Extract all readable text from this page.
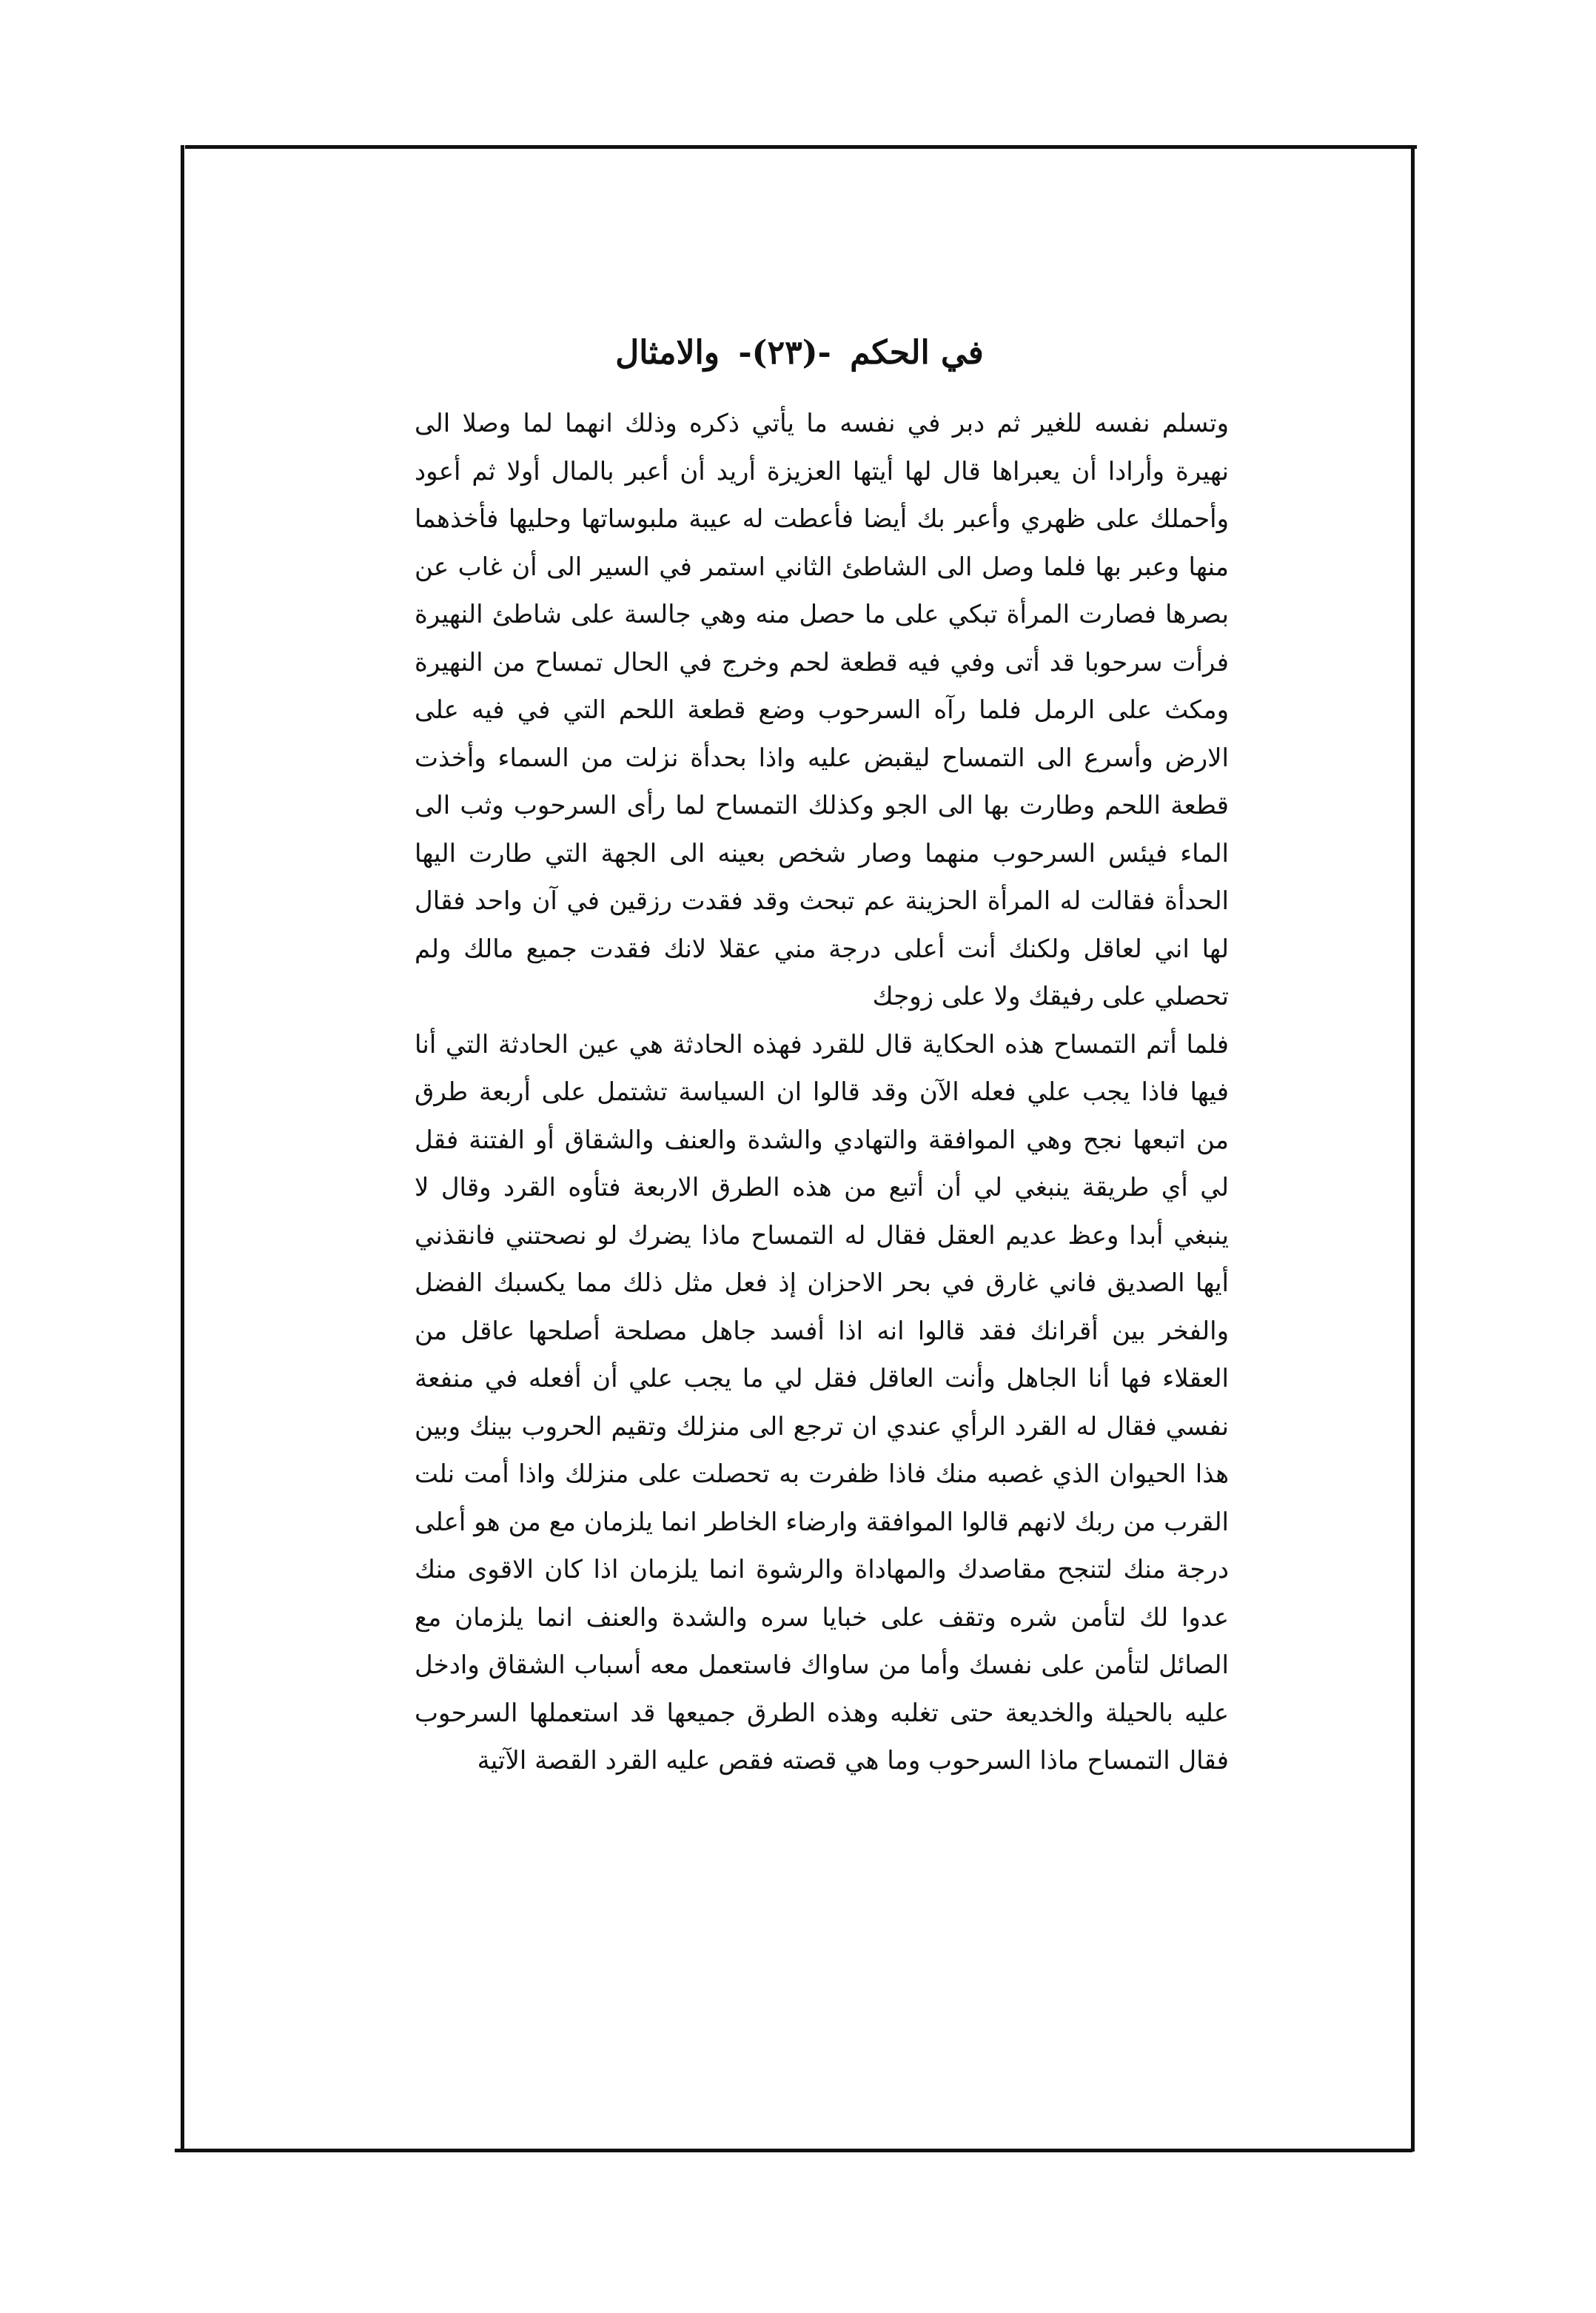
في الحكم -(٢٣)- والامثال

وتسلم نفسه للغير ثم دبر في نفسه ما يأتي ذكره وذلك انهما لما وصلا الى نهيرة وأرادا أن يعبراها قال لها أيتها العزيزة أريد أن أعبر بالمال أولا ثم أعود وأحملك على ظهري وأعبر بك أيضا فأعطت له عيبة ملبوساتها وحليها فأخذهما منها وعبر بها فلما وصل الى الشاطئ الثاني استمر في السير الى أن غاب عن بصرها فصارت المرأة تبكي على ما حصل منه وهي جالسة على شاطئ النهيرة فرأت سرحوبا قد أتى وفي فيه قطعة لحم وخرج في الحال تمساح من النهيرة ومكث على الرمل فلما رآه السرحوب وضع قطعة اللحم التي في فيه على الارض وأسرع الى التمساح ليقبض عليه واذا بحدأة نزلت من السماء وأخذت قطعة اللحم وطارت بها الى الجو وكذلك التمساح لما رأى السرحوب وثب الى الماء فيئس السرحوب منهما وصار شخص بعينه الى الجهة التي طارت اليها الحدأة فقالت له المرأة الحزينة عم تبحث وقد فقدت رزقين في آن واحد فقال لها اني لعاقل ولكنك أنت أعلى درجة مني عقلا لانك فقدت جميع مالك ولم تحصلي على رفيقك ولا على زوجك

فلما أتم التمساح هذه الحكاية قال للقرد فهذه الحادثة هي عين الحادثة التي أنا فيها فاذا يجب علي فعله الآن وقد قالوا ان السياسة تشتمل على أربعة طرق من اتبعها نجح وهي الموافقة والتهادي والشدة والعنف والشقاق أو الفتنة فقل لي أي طريقة ينبغي لي أن أتبع من هذه الطرق الاربعة فتأوه القرد وقال لا ينبغي أبدا وعظ عديم العقل فقال له التمساح ماذا يضرك لو نصحتني فانقذني أيها الصديق فاني غارق في بحر الاحزان إذ فعل مثل ذلك مما يكسبك الفضل والفخر بين أقرانك فقد قالوا انه اذا أفسد جاهل مصلحة أصلحها عاقل من العقلاء فها أنا الجاهل وأنت العاقل فقل لي ما يجب علي أن أفعله في منفعة نفسي فقال له القرد الرأي عندي ان ترجع الى منزلك وتقيم الحروب بينك وبين هذا الحيوان الذي غصبه منك فاذا ظفرت به تحصلت على منزلك واذا أمت نلت القرب من ربك لانهم قالوا الموافقة وارضاء الخاطر انما يلزمان مع من هو أعلى درجة منك لتنجح مقاصدك والمهاداة والرشوة انما يلزمان اذا كان الاقوى منك عدوا لك لتأمن شره وتقف على خبايا سره والشدة والعنف انما يلزمان مع الصائل لتأمن على نفسك وأما من ساواك فاستعمل معه أسباب الشقاق وادخل عليه بالحيلة والخديعة حتى تغلبه وهذه الطرق جميعها قد استعملها السرحوب فقال التمساح ماذا السرحوب وما هي قصته فقص عليه القرد القصة الآتية
